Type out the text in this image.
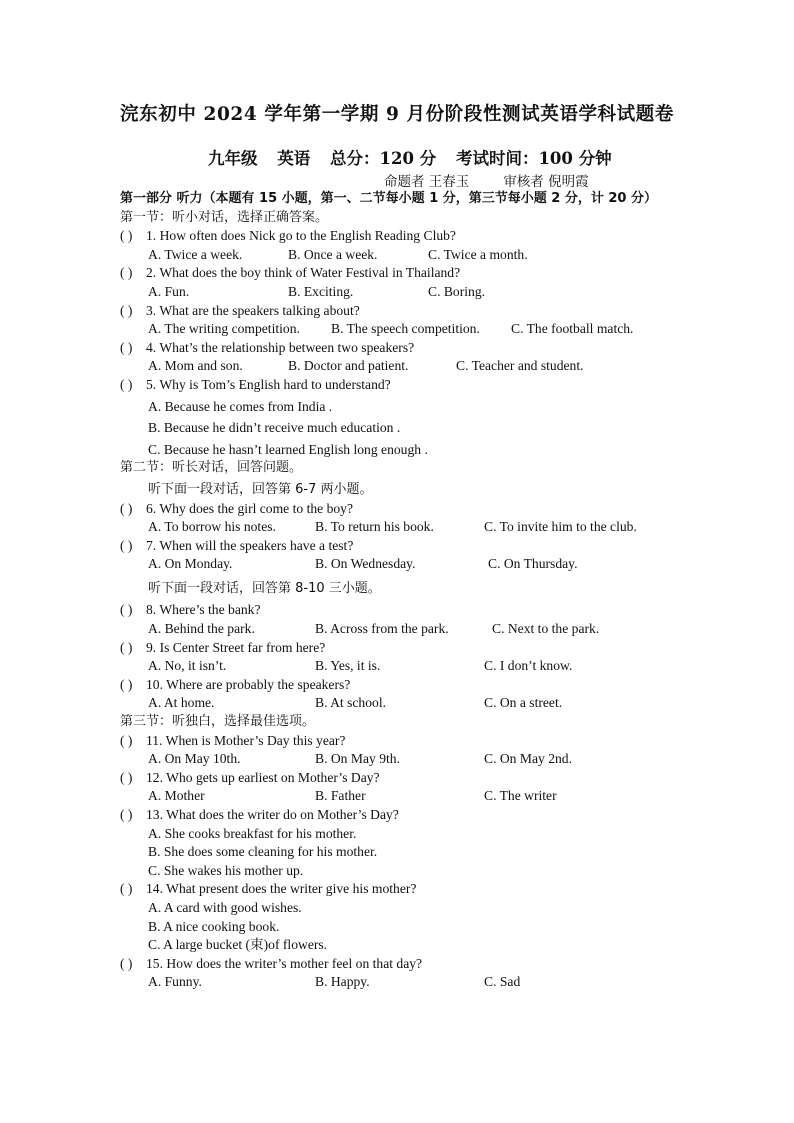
浣东初中 2024 学年第一学期 9 月份阶段性测试英语学科试题卷
九年级 英语 总分：120 分 考试时间：100 分钟
命题者 王春玉	审核者 倪明霞
第一部分 听力（本题有 15 小题，第一、二节每小题 1 分，第三节每小题 2 分，计 20 分）
第一节：听小对话，选择正确答案。
( ) 1. How often does Nick go to the English Reading Club?
A. Twice a week.	B. Once a week.	C. Twice a month.
( ) 2. What does the boy think of Water Festival in Thailand?
A. Fun.	B. Exciting.	C. Boring.
( ) 3. What are the speakers talking about?
A. The writing competition. B. The speech competition. C. The football match.
( ) 4. What’s the relationship between two speakers?
A. Mom and son.	B. Doctor and patient.	C. Teacher and student.
( ) 5. Why is Tom’s English hard to understand?
A. Because he comes from India .
B. Because he didn’t receive much education .
C. Because he hasn’t learned English long enough .
第二节：听长对话，回答问题。
听下面一段对话，回答第 6-7 两小题。
( ) 6. Why does the girl come to the boy?
A. To borrow his notes.	B. To return his book.	C. To invite him to the club.
( ) 7. When will the speakers have a test?
A. On Monday.	B. On Wednesday.	C. On Thursday.
听下面一段对话，回答第 8-10 三小题。
( ) 8. Where’s the bank?
A. Behind the park.	B. Across from the park.	C. Next to the park.
( ) 9. Is Center Street far from here?
A. No, it isn’t.	B. Yes, it is.	C. I don’t know.
( ) 10. Where are probably the speakers?
A. At home.	B. At school.	C. On a street.
第三节：听独白，选择最佳选项。
( ) 11. When is Mother’s Day this year?
A. On May 10th.	B. On May 9th.	C. On May 2nd.
( ) 12. Who gets up earliest on Mother’s Day?
A. Mother	B. Father	C. The writer
( ) 13. What does the writer do on Mother’s Day?
A. She cooks breakfast for his mother.
B. She does some cleaning for his mother.
C. She wakes his mother up.
( ) 14. What present does the writer give his mother?
A. A card with good wishes.
B. A nice cooking book.
C. A large bucket (束)of flowers.
( ) 15. How does the writer’s mother feel on that day?
A. Funny.	B. Happy.	C. Sad
